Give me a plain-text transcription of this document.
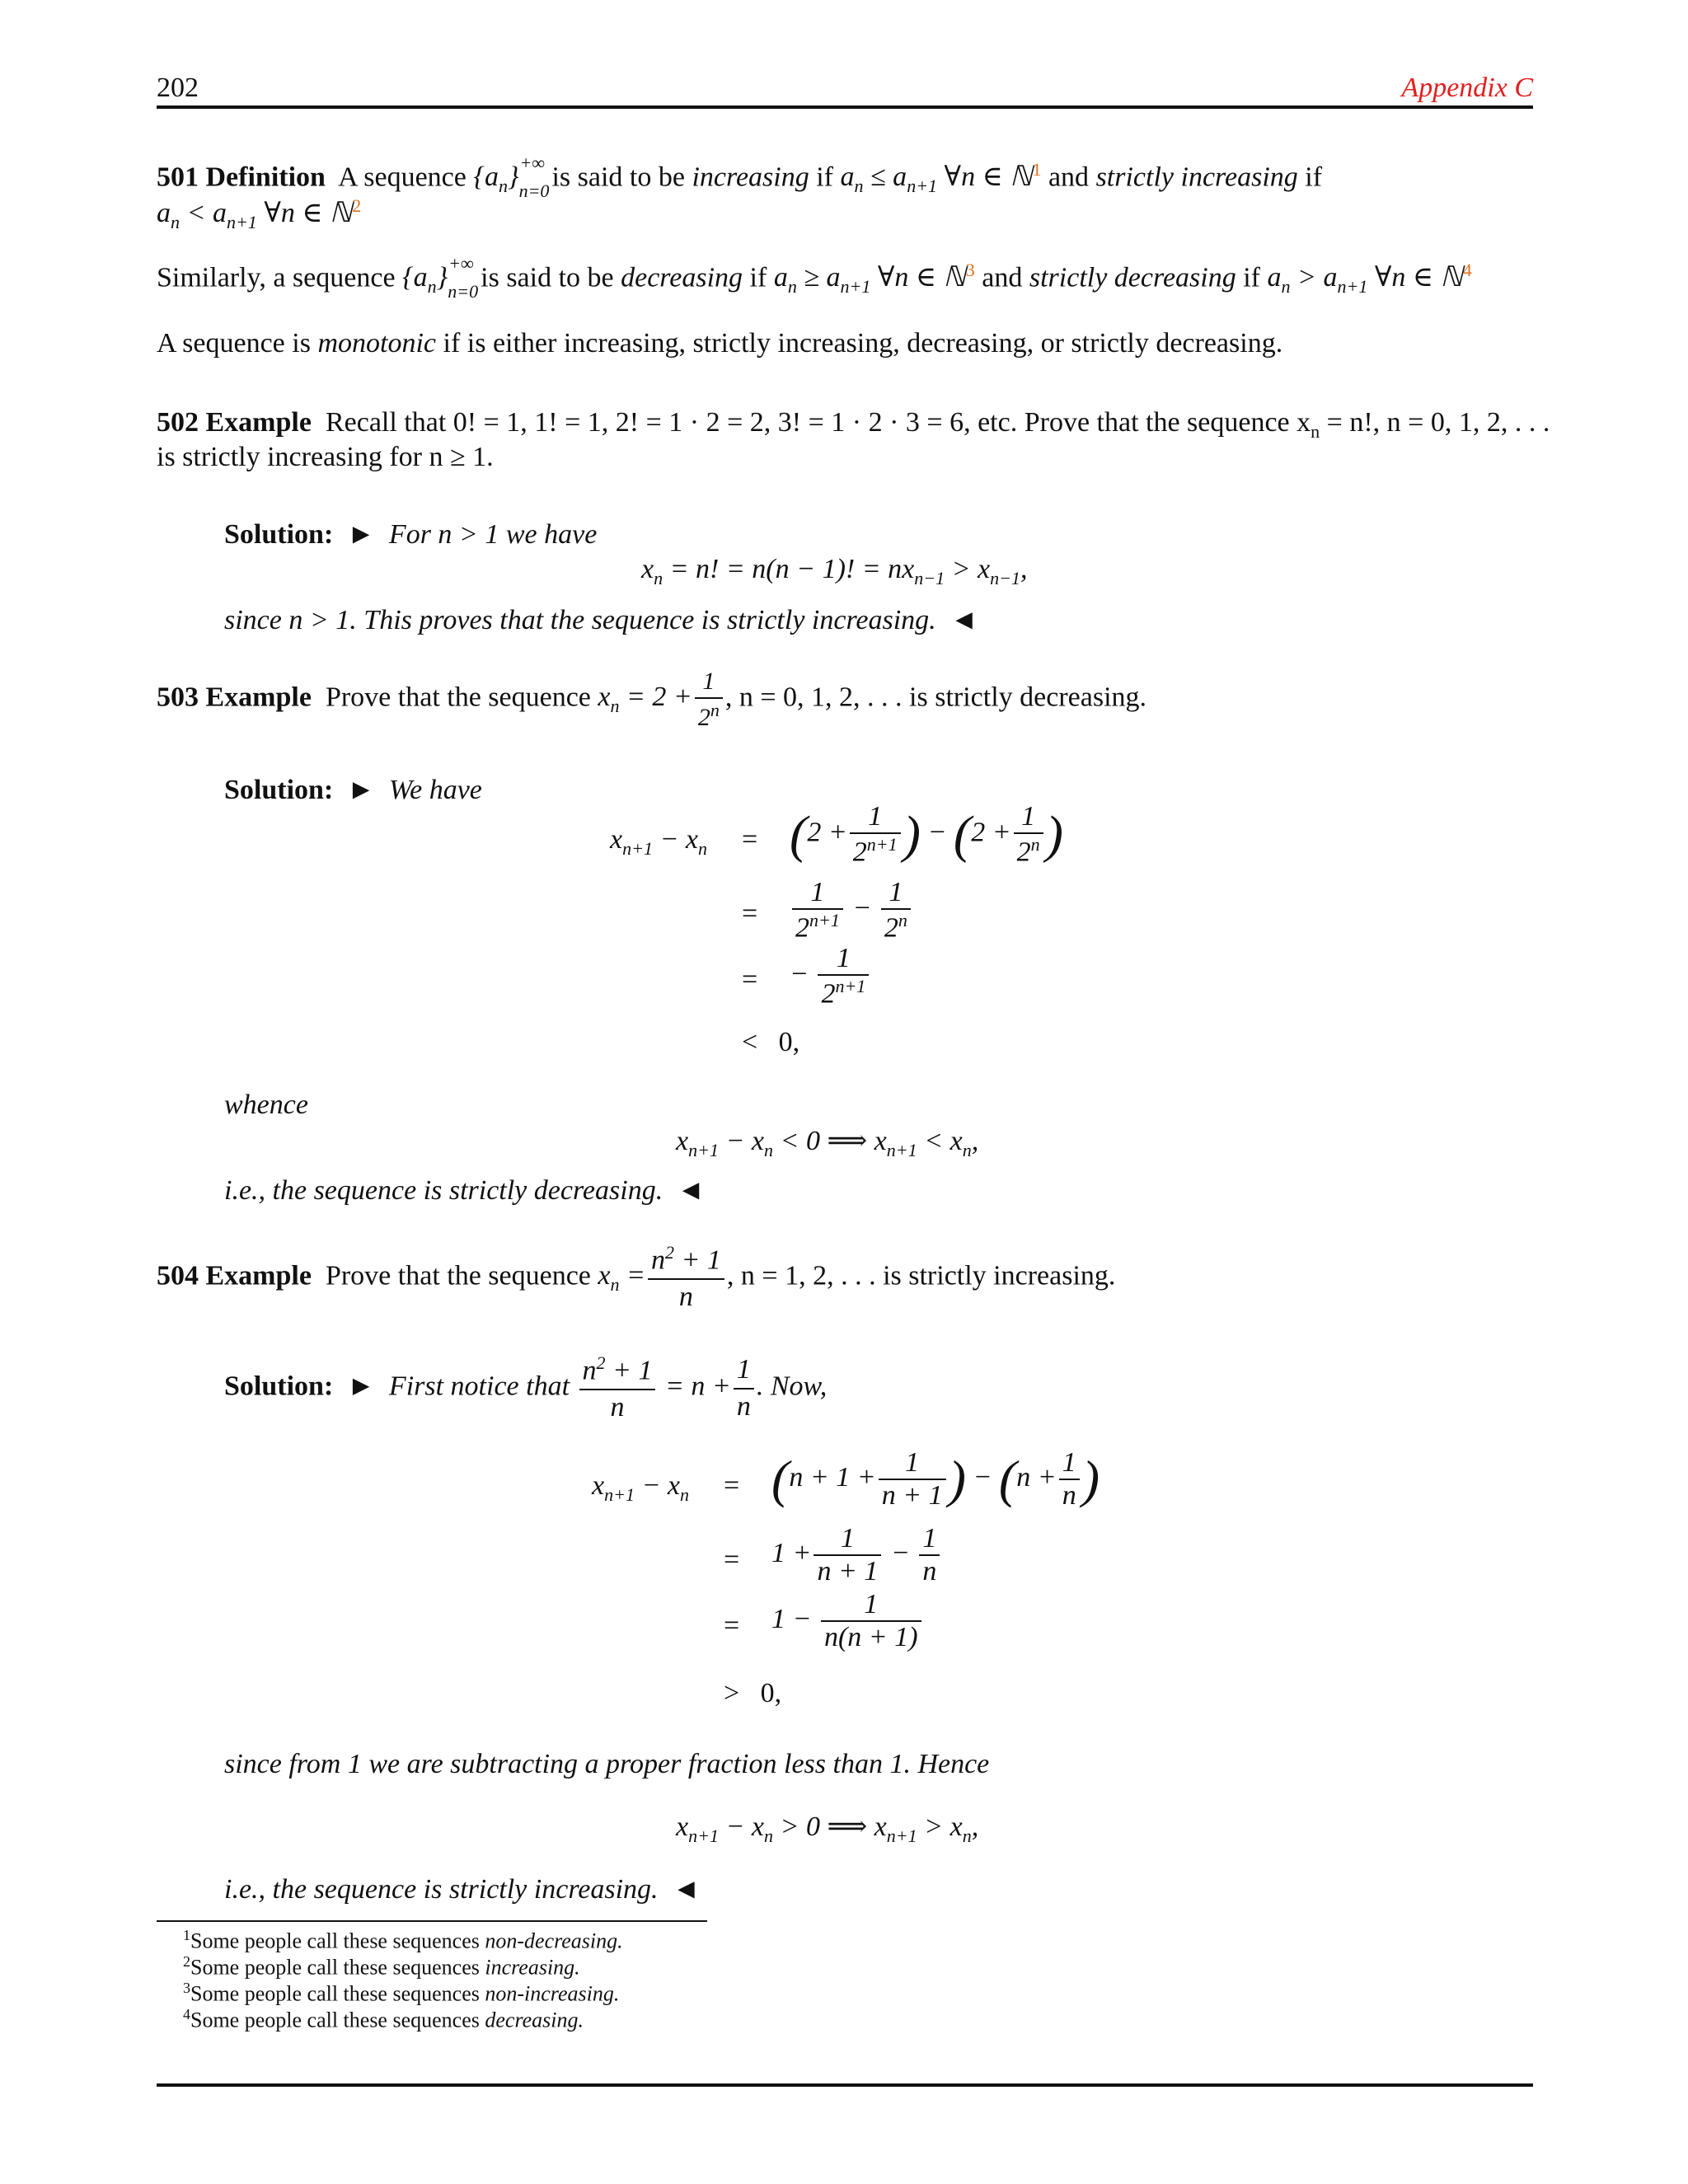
202	Appendix C
501 Definition A sequence $\{a_n\}_{n=0}^{+\infty}$ is said to be increasing if $a_n \le a_{n+1}$ ∀n ∈ ℕ$^1$ and strictly increasing if
$a_n < a_{n+1}$ ∀n ∈ ℕ$^2$
Similarly, a sequence $\{a_n\}_{n=0}^{+\infty}$ is said to be decreasing if $a_n \ge a_{n+1}$ ∀n ∈ ℕ$^3$ and strictly decreasing if $a_n > a_{n+1}$ ∀n ∈ ℕ$^4$
A sequence is monotonic if is either increasing, strictly increasing, decreasing, or strictly decreasing.
502 Example Recall that 0! = 1, 1! = 1, 2! = 1 · 2 = 2, 3! = 1 · 2 · 3 = 6, etc. Prove that the sequence $x_n = n$!, n = 0, 1, 2, . . .
is strictly increasing for n ≥ 1.
Solution:  ►  For n > 1 we have
$x_n = n$! = n(n − 1)! = $nx_{n-1} > x_{n-1}$,
since n > 1. This proves that the sequence is strictly increasing.  ◄
503 Example Prove that the sequence $x_n = 2 + \frac{1}{2^n}$ , n = 0, 1, 2, . . . is strictly decreasing.
Solution:  ►  We have
$x_{n+1} - x_n = (2 + \frac{1}{2^{n+1}}$ ) − ($2 + \frac{1}{2^n}$ )
= $\frac{1}{2^{n+1}} - \frac{1}{2^n}$
= − $\frac{1}{2^{n+1}}$
<   0,
whence
$x_{n+1} - x_n < 0$ ⟹ $x_{n+1} < x_n$,
i.e., the sequence is strictly decreasing.  ◄
504 Example Prove that the sequence $x_n = \frac{n^2 + 1}{n}$ , n = 1, 2, . . . is strictly increasing.
Solution:  ►  First notice that $\frac{n^2 + 1}{n} = n + \frac{1}{n}$ . Now,
$x_{n+1} - x_n = (n + 1 + \frac{1}{n + 1}$ ) − ($n + \frac{1}{n}$ )
= $1 + \frac{1}{n + 1} - \frac{1}{n}$
= $1 - \frac{1}{n(n + 1)}$
>   0,
since from 1 we are subtracting a proper fraction less than 1. Hence
$x_{n+1} - x_n > 0$ ⟹ $x_{n+1} > x_n$,
i.e., the sequence is strictly increasing.  ◄
$^1$Some people call these sequences non-decreasing.
$^2$Some people call these sequences increasing.
$^3$Some people call these sequences non-increasing.
$^4$Some people call these sequences decreasing.
